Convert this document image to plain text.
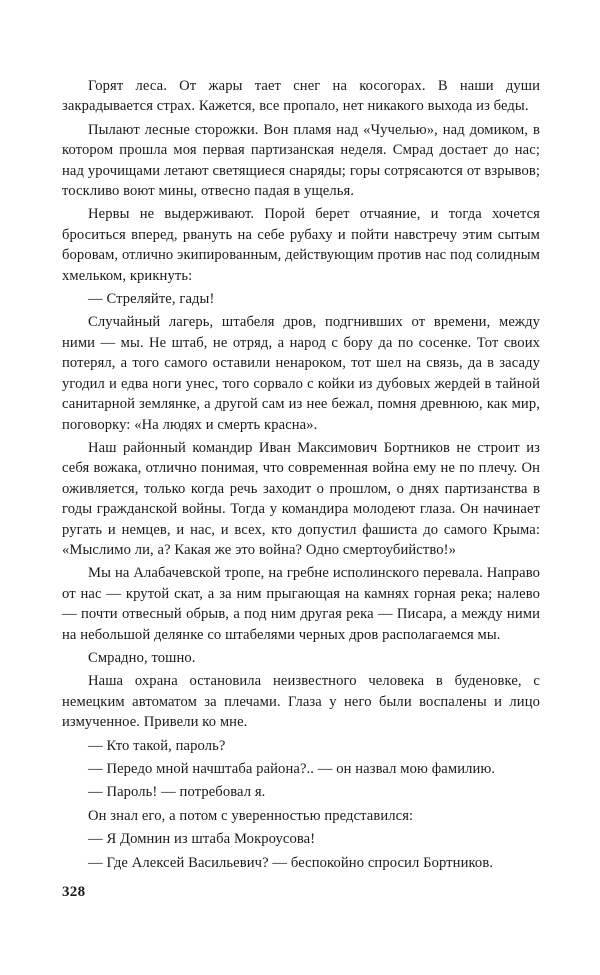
Горят леса. От жары тает снег на косогорах. В наши души закрадывается страх. Кажется, все пропало, нет никакого выхода из беды.

Пылают лесные сторожки. Вон пламя над «Чучелью», над домиком, в котором прошла моя первая партизанская неделя. Смрад достает до нас; над урочищами летают светящиеся снаряды; горы сотрясаются от взрывов; тоскливо воют мины, отвесно падая в ущелья.

Нервы не выдерживают. Порой берет отчаяние, и тогда хочется броситься вперед, рвануть на себе рубаху и пойти навстречу этим сытым боровам, отлично экипированным, действующим против нас под солидным хмельком, крикнуть:

— Стреляйте, гады!

Случайный лагерь, штабеля дров, подгнивших от времени, между ними — мы. Не штаб, не отряд, а народ с бору да по сосенке. Тот своих потерял, а того самого оставили ненароком, тот шел на связь, да в засаду угодил и едва ноги унес, того сорвало с койки из дубовых жердей в тайной санитарной землянке, а другой сам из нее бежал, помня древнюю, как мир, поговорку: «На людях и смерть красна».

Наш районный командир Иван Максимович Бортников не строит из себя вожака, отлично понимая, что современная война ему не по плечу. Он оживляется, только когда речь заходит о прошлом, о днях партизанства в годы гражданской войны. Тогда у командира молодеют глаза. Он начинает ругать и немцев, и нас, и всех, кто допустил фашиста до самого Крыма: «Мыслимо ли, а? Какая же это война? Одно смертоубийство!»

Мы на Алабачевской тропе, на гребне исполинского перевала. Направо от нас — крутой скат, а за ним прыгающая на камнях горная река; налево — почти отвесный обрыв, а под ним другая река — Писара, а между ними на небольшой делянке со штабелями черных дров располагаемся мы.

Смрадно, тошно.

Наша охрана остановила неизвестного человека в буденовке, с немецким автоматом за плечами. Глаза у него были воспалены и лицо измученное. Привели ко мне.

— Кто такой, пароль?

— Передо мной начштаба района?.. — он назвал мою фамилию.

— Пароль! — потребовал я.

Он знал его, а потом с уверенностью представился:

— Я Домнин из штаба Мокроусова!

— Где Алексей Васильевич? — беспокойно спросил Бортников.

328
